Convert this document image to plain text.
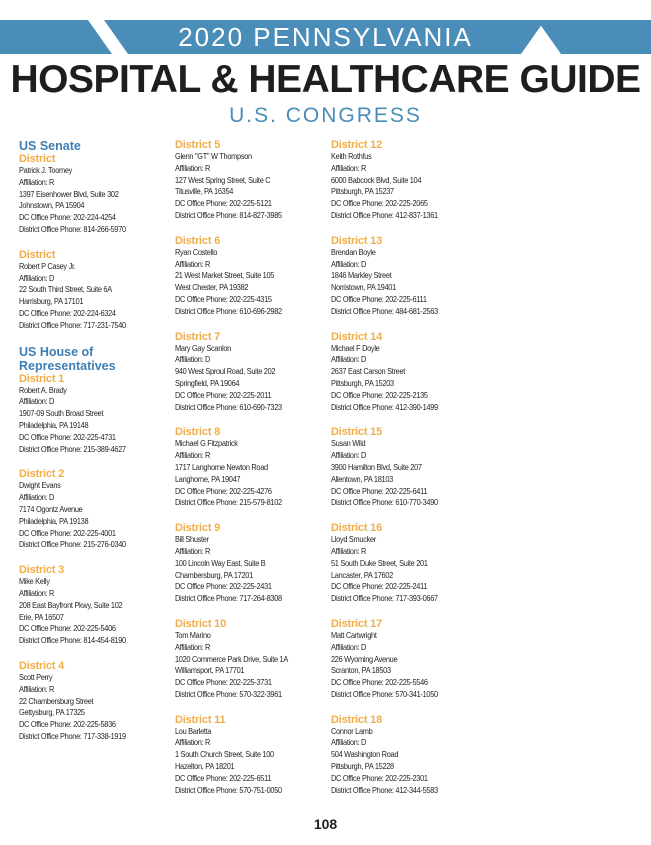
2020 PENNSYLVANIA
HOSPITAL & HEALTHCARE GUIDE
U.S. CONGRESS
US Senate
District
Patrick J. Toomey
Affiliation: R
1397 Eisenhower Blvd, Suite 302
Johnstown, PA 15904
DC Office Phone: 202-224-4254
District Office Phone: 814-266-5970
District
Robert P Casey Jr.
Affiliation: D
22 South Third Street, Suite 6A
Harrisburg, PA 17101
DC Office Phone: 202-224-6324
District Office Phone: 717-231-7540
US House of Representatives
District 1
Robert A. Brady
Affiliation: D
1907-09 South Broad Street
Philadelphia, PA 19148
DC Office Phone: 202-225-4731
District Office Phone: 215-389-4627
District 2
Dwight Evans
Affiliation: D
7174 Ogontz Avenue
Philadelphia, PA 19138
DC Office Phone: 202-225-4001
District Office Phone: 215-276-0340
District 3
Mike Kelly
Affiliation: R
208 East Bayfront Pkwy, Suite 102
Erie, PA 16507
DC Office Phone: 202-225-5406
District Office Phone: 814-454-8190
District 4
Scott Perry
Affiliation: R
22 Chambersburg Street
Gettysburg, PA 17325
DC Office Phone: 202-225-5836
District Office Phone: 717-338-1919
District 5
Glenn "GT" W Thompson
Affiliation: R
127 West Spring Street, Suite C
Titusville, PA 16354
DC Office Phone: 202-225-5121
District Office Phone: 814-827-3985
District 6
Ryan Costello
Affiliation: R
21 West Market Street, Suite 105
West Chester, PA 19382
DC Office Phone: 202-225-4315
District Office Phone: 610-696-2982
District 7
Mary Gay Scanlon
Affiliation: D
940 West Sproul Road, Suite 202
Springfield, PA 19064
DC Office Phone: 202-225-2011
District Office Phone: 610-690-7323
District 8
Michael G Fitzpatrick
Affiliation: R
1717 Langhorne Newton Road
Langhorne, PA 19047
DC Office Phone: 202-225-4276
District Office Phone: 215-579-8102
District 9
Bill Shuster
Affiliation: R
100 Lincoln Way East, Suite B
Chambersburg, PA 17201
DC Office Phone: 202-225-2431
District Office Phone: 717-264-8308
District 10
Tom Marino
Affiliation: R
1020 Commerce Park Drive, Suite 1A
Williamsport, PA 17701
DC Office Phone: 202-225-3731
District Office Phone: 570-322-3961
District 11
Lou Barletta
Affiliation: R
1 South Church Street, Suite 100
Hazelton, PA 18201
DC Office Phone: 202-225-6511
District Office Phone: 570-751-0050
District 12
Keith Rothfus
Affiliation: R
6000 Babcock Blvd, Suite 104
Pittsburgh, PA 15237
DC Office Phone: 202-225-2065
District Office Phone: 412-837-1361
District 13
Brendan Boyle
Affiliation: D
1846 Markley Street
Norristown, PA 19401
DC Office Phone: 202-225-6111
District Office Phone: 484-681-2563
District 14
Michael F Doyle
Affiliation: D
2637 East Carson Street
Pittsburgh, PA 15203
DC Office Phone: 202-225-2135
District Office Phone: 412-390-1499
District 15
Susan Wild
Affiliation: D
3900 Hamilton Blvd, Suite 207
Allentown, PA 18103
DC Office Phone: 202-225-6411
District Office Phone: 610-770-3490
District 16
Lloyd Smucker
Affiliation: R
51 South Duke Street, Suite 201
Lancaster, PA 17602
DC Office Phone: 202-225-2411
District Office Phone: 717-393-0667
District 17
Matt Cartwright
Affiliation: D
226 Wyoming Avenue
Scranton, PA 18503
DC Office Phone: 202-225-5546
District Office Phone: 570-341-1050
District 18
Connor Lamb
Affiliation: D
504 Washington Road
Pittsburgh, PA 15228
DC Office Phone: 202-225-2301
District Office Phone: 412-344-5583
108
